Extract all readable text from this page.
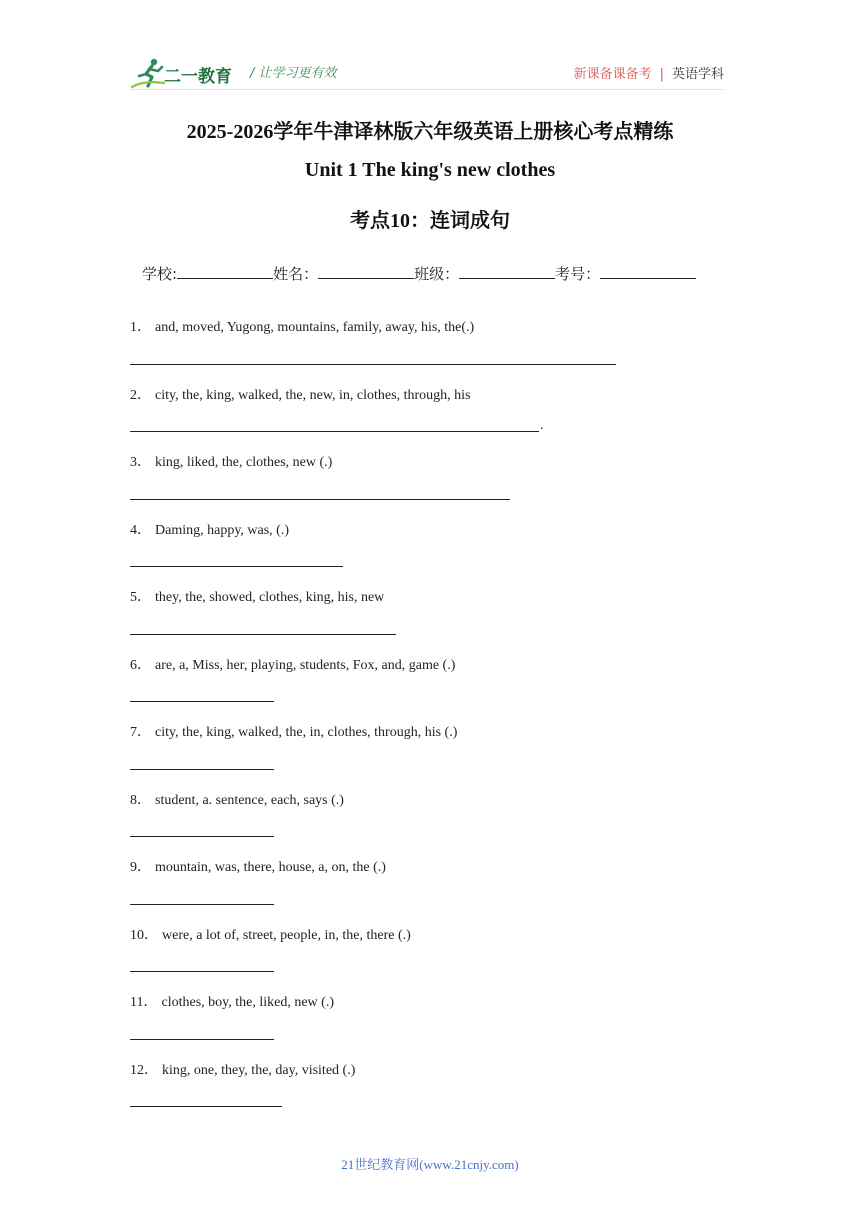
二一教育 / 让学习更有效	新课备课备考 | 英语学科
2025-2026学年牛津译林版六年级英语上册核心考点精练
Unit 1 The king's new clothes
考点10：连词成句
学校:	姓名：	班级：	考号：
1． and, moved, Yugong, mountains, family, away, his, the(.)
2． city, the, king, walked, the, new, in, clothes, through, his
.
3． king, liked, the, clothes, new (.)
4． Daming, happy, was, (.)
5． they, the, showed, clothes, king, his, new
6． are, a, Miss, her, playing, students, Fox, and, game (.)
7． city, the, king, walked, the, in, clothes, through, his (.)
8． student, a. sentence, each, says (.)
9． mountain, was, there, house, a, on, the (.)
10． were, a lot of, street, people, in, the, there (.)
11． clothes, boy, the, liked, new (.)
12． king, one, they, the, day, visited (.)
21世纪教育网(www.21cnjy.com)
